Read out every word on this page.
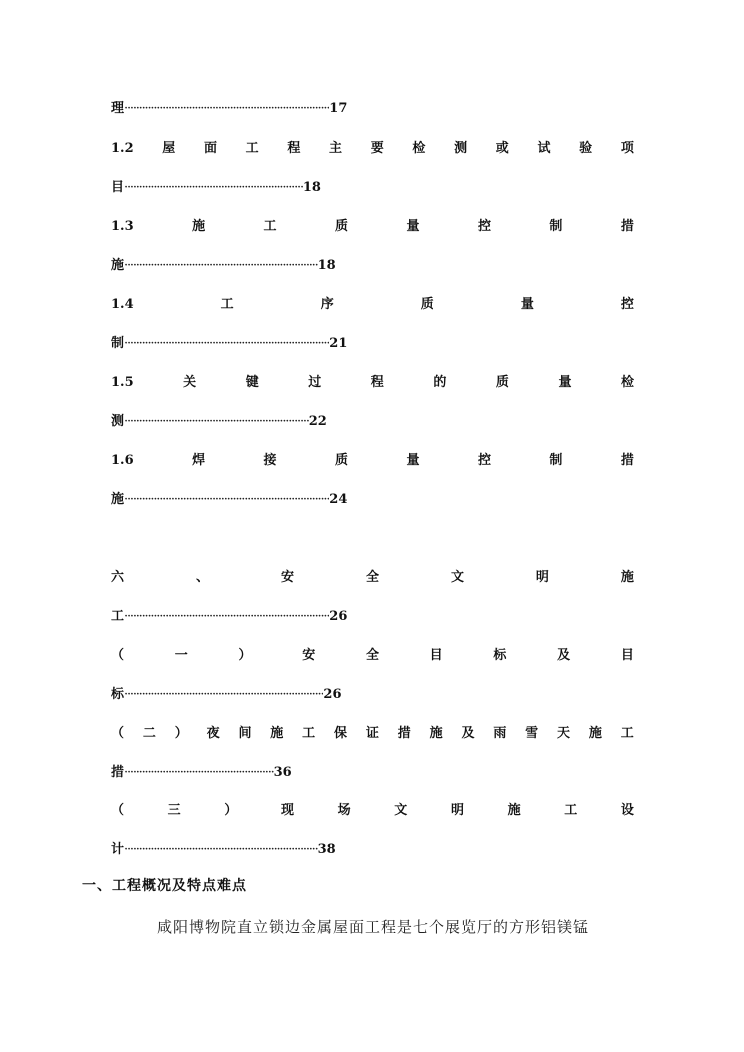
理 ······································································ 17
1.2 屋 面 工 程 主 要 检 测 或 试 验 项
目 ····························································· 18
1.3	施	工	质	量	控	制	措
施 ·································································· 18
1.4	工	序	质	量	控
制 ······································································ 21
1.5	关	键	过	程	的	质	量	检
测 ······························································· 22
1.6	焊	接	质	量	控	制	措
施 ······································································ 24
六	、	安	全	文	明	施
工 ······································································ 26
（	一	）	安	全	目	标	及	目
标 ···································································· 26
（ 二 ） 夜 间 施 工 保 证 措 施 及 雨 雪 天 施 工
措 ··················································· 36
（	三	）	现	场	文	明	施	工	设
计 ·································································· 38
一、工程概况及特点难点
咸阳博物院直立锁边金属屋面工程是七个展览厅的方形铝镁锰
